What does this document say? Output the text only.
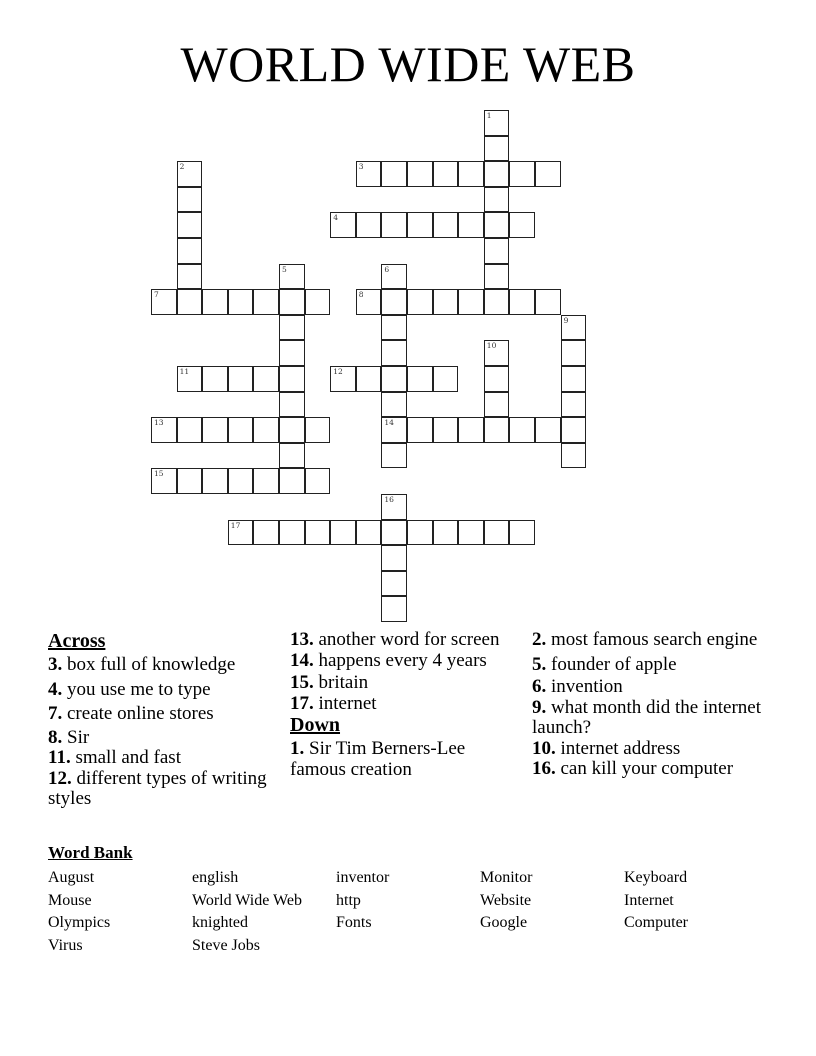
WORLD WIDE WEB
1
2	3
4
5	6
14
7	8
9
10
11	12
13
15
16
17
Across
3. box full of knowledge
4. you use me to type
7. create online stores
8. Sir
11. small and fast
12. different types of writing styles
13. another word for screen
14. happens every 4 years
15. britain
17. internet
Down
1. Sir Tim Berners-Lee famous creation
2. most famous search engine
5. founder of apple
6. invention
9. what month did the internet launch?
10. internet address
16. can kill your computer
Word Bank
August	english	inventor	Monitor	Keyboard
Mouse	World Wide Web	http	Website	Internet
Olympics	knighted	Fonts	Google	Computer
Virus	Steve Jobs
